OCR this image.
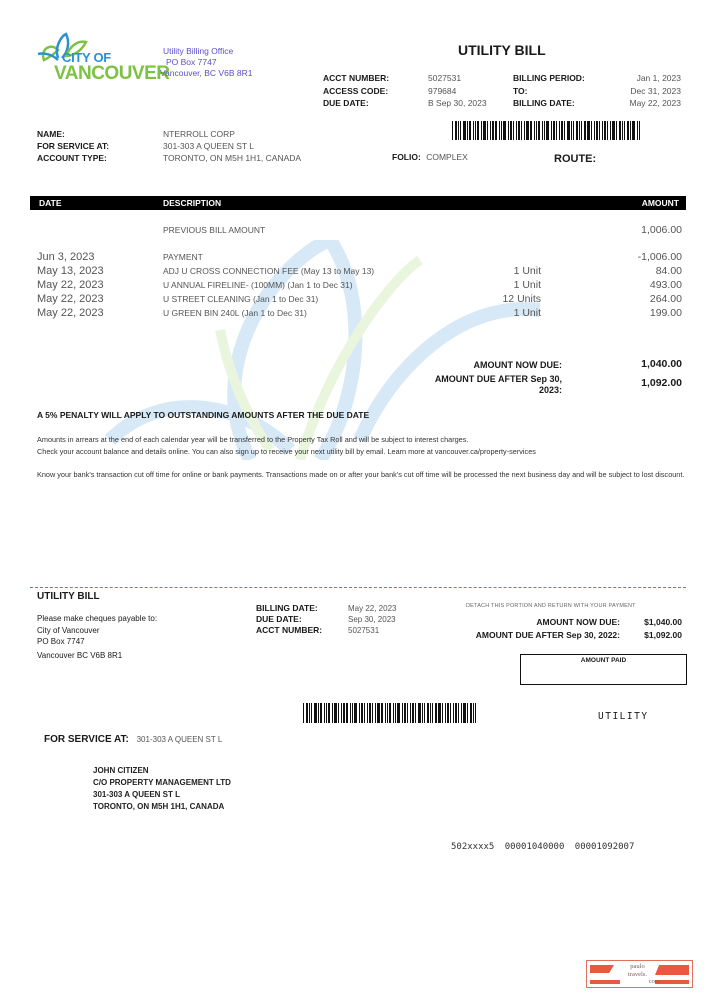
CITY OF
VANCOUVER
Utility Billing Office
PO Box 7747
Vancouver, BC V6B 8R1
UTILITY BILL
ACCT NUMBER:	5027531	BILLING PERIOD:	Jan 1, 2023
ACCESS CODE:	979684	TO:	Dec 31, 2023
DUE DATE:	B Sep 30, 2023	BILLING DATE:	May 22, 2023
NAME:	NTERROLL CORP
FOR SERVICE AT:	301-303 A QUEEN ST L
ACCOUNT TYPE:	TORONTO, ON M5H 1H1, CANADA	FOLIO: COMPLEX	ROUTE:
DATE	DESCRIPTION	AMOUNT
PREVIOUS BILL AMOUNT	1,006.00
Jun 3, 2023	PAYMENT	-1,006.00
May 13, 2023	ADJ U CROSS CONNECTION FEE (May 13 to May 13)	1 Unit	84.00
May 22, 2023	U ANNUAL FIRELINE- (100MM) (Jan 1 to Dec 31)	1 Unit	493.00
May 22, 2023	U STREET CLEANING (Jan 1 to Dec 31)	12 Units	264.00
May 22, 2023	U GREEN BIN 240L (Jan 1 to Dec 31)	1 Unit	199.00
AMOUNT NOW DUE:	1,040.00
AMOUNT DUE AFTER Sep 30,
2023:
1,092.00
A 5% PENALTY WILL APPLY TO OUTSTANDING AMOUNTS AFTER THE DUE DATE

Amounts in arrears at the end of each calendar year will be transferred to the Property Tax Roll and will be subject to interest charges.

Check your account balance and details online. You can also sign up to receive your next utility bill by email. Learn more at vancouver.ca/property-services

Know your bank's transaction cut off time for online or bank payments. Transactions made on or after your bank's cut off time will be processed the next business day and will be subject to lost discount.

UTILITY BILL
Please make cheques payable to:
City of Vancouver
PO Box 7747
Vancouver BC V6B 8R1
BILLING DATE:	May 22, 2023
DUE DATE:	Sep 30, 2023
ACCT NUMBER:	5027531
DETACH THIS PORTION AND RETURN WITH YOUR PAYMENT
AMOUNT NOW DUE:	$1,040.00
AMOUNT DUE AFTER Sep 30, 2022:	$1,092.00
AMOUNT PAID
UTILITY
FOR SERVICE AT: 301-303 A QUEEN ST L
JOHN CITIZEN
C/O PROPERTY MANAGEMENT LTD
301-303 A QUEEN ST L
TORONTO, ON M5H 1H1, CANADA
502xxxx5 00001040000 00001092007
paulo
travels.
com
